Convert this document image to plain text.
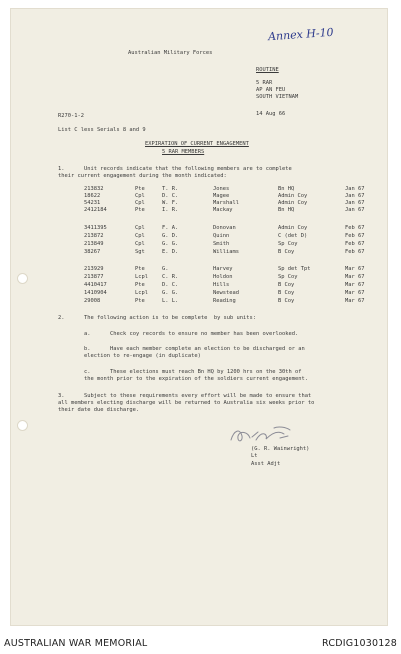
Annex H-10
Australian Military Forces
ROUTINE
5 RAR
AP AN FEU
SOUTH VIETNAM
14 Aug 66
R270-1-2
List C less Serials 8 and 9
EXPIRATION OF CURRENT ENGAGEMENT
5 RAR MEMBERS
1.	Unit records indicate that the following members are to complete
their current engagement during the month indicated:
213832	Pte	T. R.	Jones	Bn HQ	Jan 67
18622	Cpl	D. C.	Magee	Admin Coy	Jan 67
54231	Cpl	W. F.	Marshall	Admin Coy	Jan 67
2412184	Pte	I. R.	Mackay	Bn HQ	Jan 67
3411395	Cpl	F. A.	Donovan	Admin Coy	Feb 67
213872	Cpl	G. D.	Quinn	C (det D)	Feb 67
213849	Cpl	G. G.	Smith	Sp Coy	Feb 67
38267	Sgt	E. D.	Williams	B Coy	Feb 67
213929	Pte	G.	Harvey	Sp det Tpt	Mar 67
213877	Lcpl	C. R.	Holdon	Sp Coy	Mar 67
4410417	Pte	D. C.	Hills	B Coy	Mar 67
1410904	Lcpl	G. G.	Newstead	B Coy	Mar 67
29008	Pte	L. L.	Reading	B Coy	Mar 67
2.	The following action is to be complete  by sub units:
a.	Check coy records to ensure no member has been overlooked.
b.	Have each member complete an election to be discharged or an
election to re-engage (in duplicate)
c.	These elections must reach Bn HQ by 1200 hrs on the 30th of
the month prior to the expiration of the soldiers current engagement.
3.	Subject to these requirements every effort will be made to ensure that
all members electing discharge will be returned to Australia six weeks prior to
their date due discharge.
(G. R. Wainwright)
Lt
Asst Adjt
AUSTRALIAN WAR MEMORIAL	RCDIG1030128
